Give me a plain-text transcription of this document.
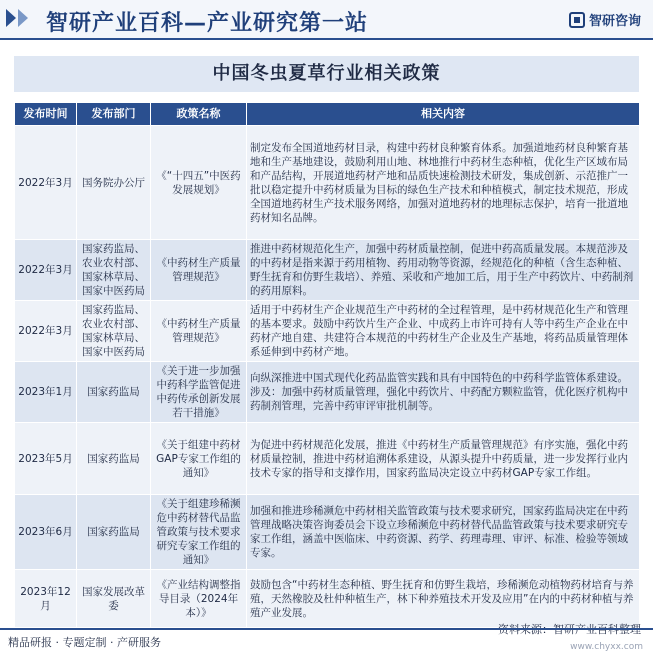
智研产业百科—产业研究第一站	智研咨询
中国冬虫夏草行业相关政策
发布时间	发布部门	政策名称	相关内容
2022年3月	国务院办公厅	《“十四五”中医药发展规划》	制定发布全国道地药材目录，构建中药材良种繁育体系。加强道地药材良种繁育基地和生产基地建设，鼓励利用山地、林地推行中药材生态种植，优化生产区域布局和产品结构，开展道地药材产地和品质快速检测技术研发，集成创新、示范推广一批以稳定提升中药材质量为目标的绿色生产技术和种植模式，制定技术规范，形成全国道地药材生产技术服务网络，加强对道地药材的地理标志保护，培育一批道地药材知名品牌。
2022年3月	国家药监局、农业农村部、国家林草局、国家中医药局	《中药材生产质量管理规范》	推进中药材规范化生产，加强中药材质量控制，促进中药高质量发展。本规范涉及的中药材是指来源于药用植物、药用动物等资源，经规范化的种植（含生态种植、野生抚育和仿野生栽培）、养殖、采收和产地加工后，用于生产中药饮片、中药制剂的药用原料。
2022年3月	国家药监局、农业农村部、国家林草局、国家中医药局	《中药材生产质量管理规范》	适用于中药材生产企业规范生产中药材的全过程管理，是中药材规范化生产和管理的基本要求。鼓励中药饮片生产企业、中成药上市许可持有人等中药生产企业在中药材产地自建、共建符合本规范的中药材生产企业及生产基地，将药品质量管理体系延伸到中药材产地。
2023年1月	国家药监局	《关于进一步加强中药科学监管促进中药传承创新发展若干措施》	向纵深推进中国式现代化药品监管实践和具有中国特色的中药科学监管体系建设。涉及：加强中药材质量管理，强化中药饮片、中药配方颗粒监管，优化医疗机构中药制剂管理，完善中药审评审批机制等。
2023年5月	国家药监局	《关于组建中药材GAP专家工作组的通知》	为促进中药材规范化发展，推进《中药材生产质量管理规范》有序实施，强化中药材质量控制，推进中药材追溯体系建设，从源头提升中药质量，进一步发挥行业内技术专家的指导和支撑作用，国家药监局决定设立中药材GAP专家工作组。
2023年6月	国家药监局	《关于组建珍稀濒危中药材替代品监管政策与技术要求研究专家工作组的通知》	加强和推进珍稀濒危中药材相关监管政策与技术要求研究，国家药监局决定在中药管理战略决策咨询委员会下设立珍稀濒危中药材替代品监管政策与技术要求研究专家工作组，涵盖中医临床、中药资源、药学、药理毒理、审评、标准、检验等领域专家。
2023年12月	国家发展改革委	《产业结构调整指导目录（2024年本）》	鼓励包含“中药材生态种植、野生抚育和仿野生栽培，珍稀濒危动植物药材培育与养殖，天然橡胶及杜仲种植生产，林下种养殖技术开发及应用”在内的中药材种植与养殖产业发展。
精品研报 · 专题定制 · 产研服务	www.chyxx.com
